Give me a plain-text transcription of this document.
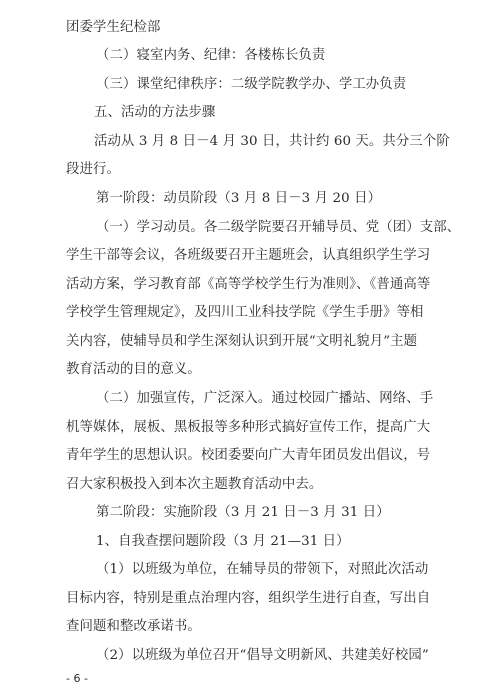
团委学生纪检部
（二）寝室内务、纪律：各楼栋长负责
（三）课堂纪律秩序：二级学院教学办、学工办负责
五、活动的方法步骤
活动从 3 月 8 日－4 月 30 日，共计约 60 天。共分三个阶
段进行。
第一阶段：动员阶段（3 月 8 日－3 月 20 日）
（一）学习动员。各二级学院要召开辅导员、党（团）支部、
学生干部等会议，各班级要召开主题班会，认真组织学生学习
活动方案，学习教育部《高等学校学生行为准则》、《普通高等
学校学生管理规定》，及四川工业科技学院《学生手册》等相
关内容，使辅导员和学生深刻认识到开展“文明礼貌月”主题
教育活动的目的意义。
（二）加强宣传，广泛深入。通过校园广播站、网络、手
机等媒体，展板、黑板报等多种形式搞好宣传工作，提高广大
青年学生的思想认识。校团委要向广大青年团员发出倡议，号
召大家积极投入到本次主题教育活动中去。
第二阶段：实施阶段（3 月 21 日－3 月 31 日）
1、自我查摆问题阶段（3 月 21—31 日）
（1）以班级为单位，在辅导员的带领下，对照此次活动
目标内容，特别是重点治理内容，组织学生进行自查，写出自
查问题和整改承诺书。
（2）以班级为单位召开“倡导文明新风、共建美好校园”
- 6 -
